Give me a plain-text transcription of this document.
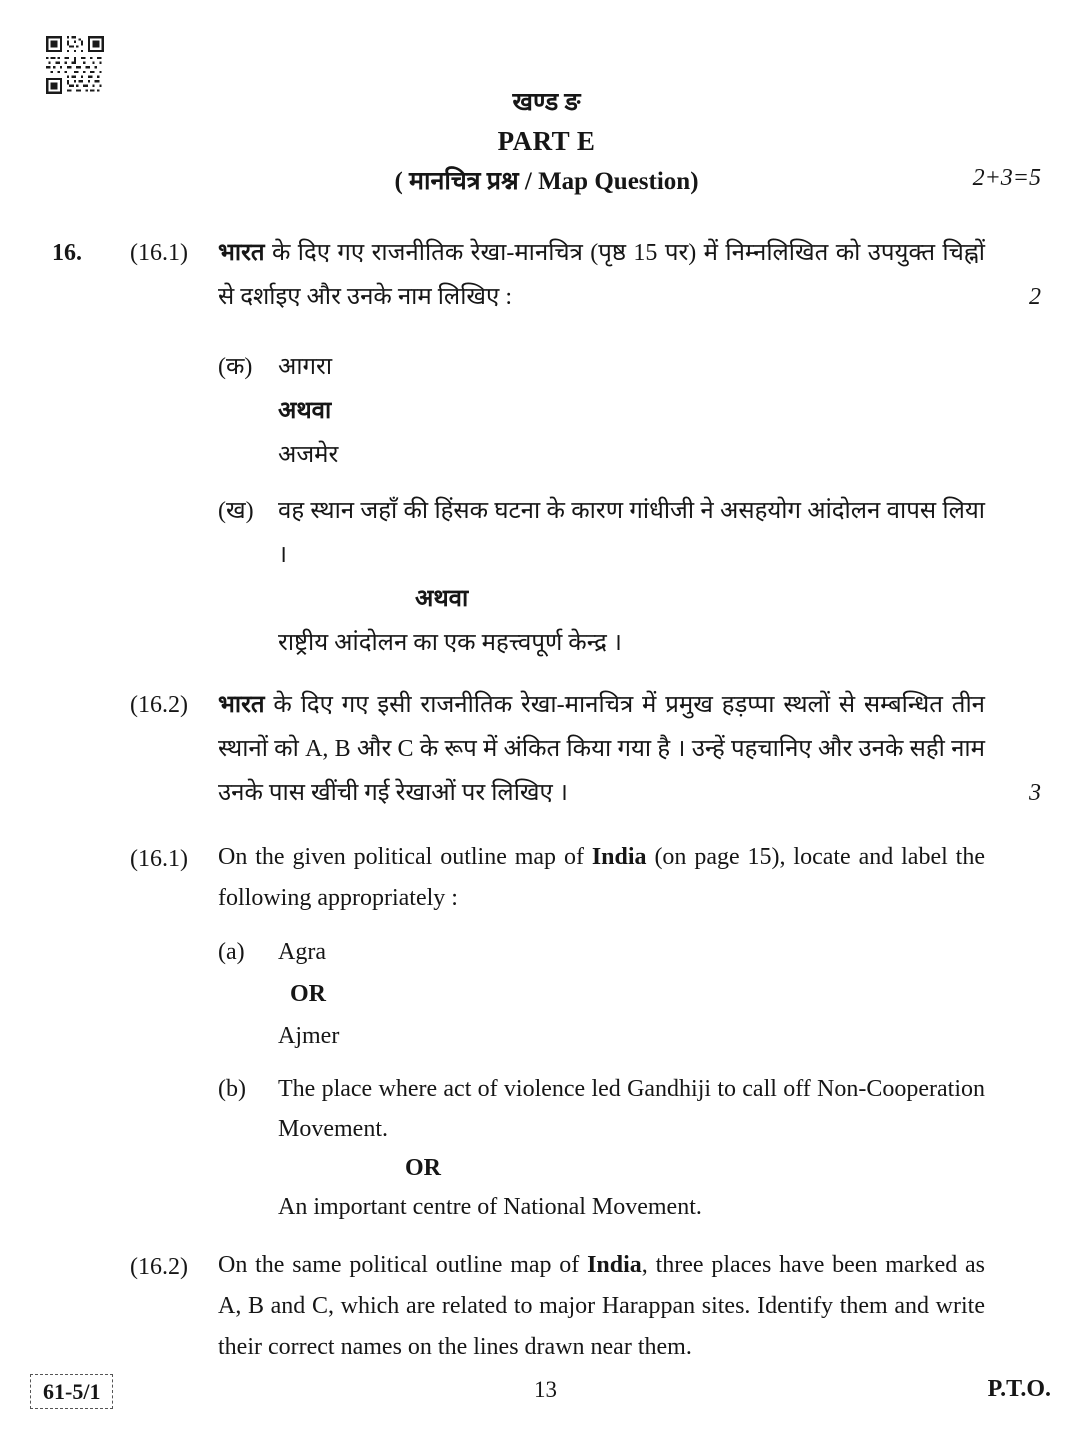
खण्ड ङ
PART E
( मानचित्र प्रश्न / Map Question)	2+3=5
16.	(16.1)	भारत के दिए गए राजनीतिक रेखा-मानचित्र (पृष्ठ 15 पर) में निम्नलिखित को उपयुक्त चिह्नों से दर्शाइए और उनके नाम लिखिए :	2
(क)	आगरा
अथवा
अजमेर
(ख)	वह स्थान जहाँ की हिंसक घटना के कारण गांधीजी ने असहयोग आंदोलन वापस लिया ।
अथवा
राष्ट्रीय आंदोलन का एक महत्त्वपूर्ण केन्द्र ।
(16.2)	भारत के दिए गए इसी राजनीतिक रेखा-मानचित्र में प्रमुख हड़प्पा स्थलों से सम्बन्धित तीन स्थानों को A, B और C के रूप में अंकित किया गया है । उन्हें पहचानिए और उनके सही नाम उनके पास खींची गई रेखाओं पर लिखिए ।	3
(16.1)	On the given political outline map of India (on page 15), locate and label the following appropriately :
(a)	Agra
OR
Ajmer
(b)	The place where act of violence led Gandhiji to call off Non-Cooperation Movement.
OR
An important centre of National Movement.
(16.2)	On the same political outline map of India, three places have been marked as A, B and C, which are related to major Harappan sites. Identify them and write their correct names on the lines drawn near them.
61-5/1	13	P.T.O.
